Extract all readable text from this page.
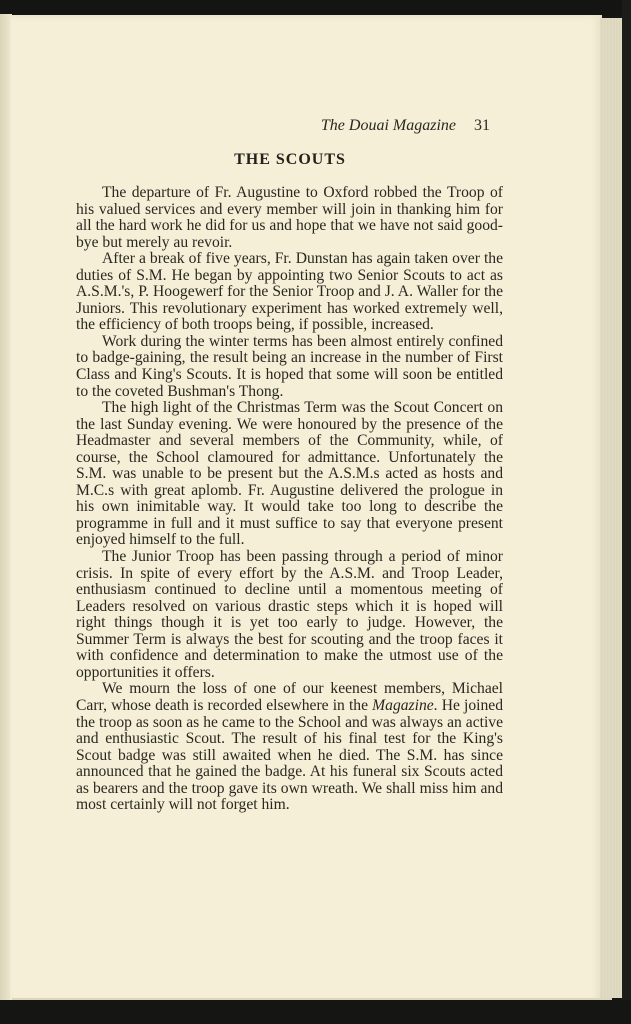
The Douai Magazine 31
THE SCOUTS

The departure of Fr. Augustine to Oxford robbed the Troop of his valued services and every member will join in thanking him for all the hard work he did for us and hope that we have not said good-bye but merely au revoir.

After a break of five years, Fr. Dunstan has again taken over the duties of S.M. He began by appointing two Senior Scouts to act as A.S.M.'s, P. Hoogewerf for the Senior Troop and J. A. Waller for the Juniors. This revolutionary experiment has worked extremely well, the efficiency of both troops being, if possible, increased.

Work during the winter terms has been almost entirely confined to badge-gaining, the result being an increase in the number of First Class and King's Scouts. It is hoped that some will soon be entitled to the coveted Bushman's Thong.

The high light of the Christmas Term was the Scout Concert on the last Sunday evening. We were honoured by the presence of the Headmaster and several members of the Community, while, of course, the School clamoured for admittance. Unfortunately the S.M. was unable to be present but the A.S.M.s acted as hosts and M.C.s with great aplomb. Fr. Augustine delivered the prologue in his own inimitable way. It would take too long to describe the programme in full and it must suffice to say that everyone present enjoyed himself to the full.

The Junior Troop has been passing through a period of minor crisis. In spite of every effort by the A.S.M. and Troop Leader, enthusiasm continued to decline until a momentous meeting of Leaders resolved on various drastic steps which it is hoped will right things though it is yet too early to judge. However, the Summer Term is always the best for scouting and the troop faces it with confidence and determination to make the utmost use of the opportunities it offers.

We mourn the loss of one of our keenest members, Michael Carr, whose death is recorded elsewhere in the Magazine. He joined the troop as soon as he came to the School and was always an active and enthusiastic Scout. The result of his final test for the King's Scout badge was still awaited when he died. The S.M. has since announced that he gained the badge. At his funeral six Scouts acted as bearers and the troop gave its own wreath. We shall miss him and most certainly will not forget him.
